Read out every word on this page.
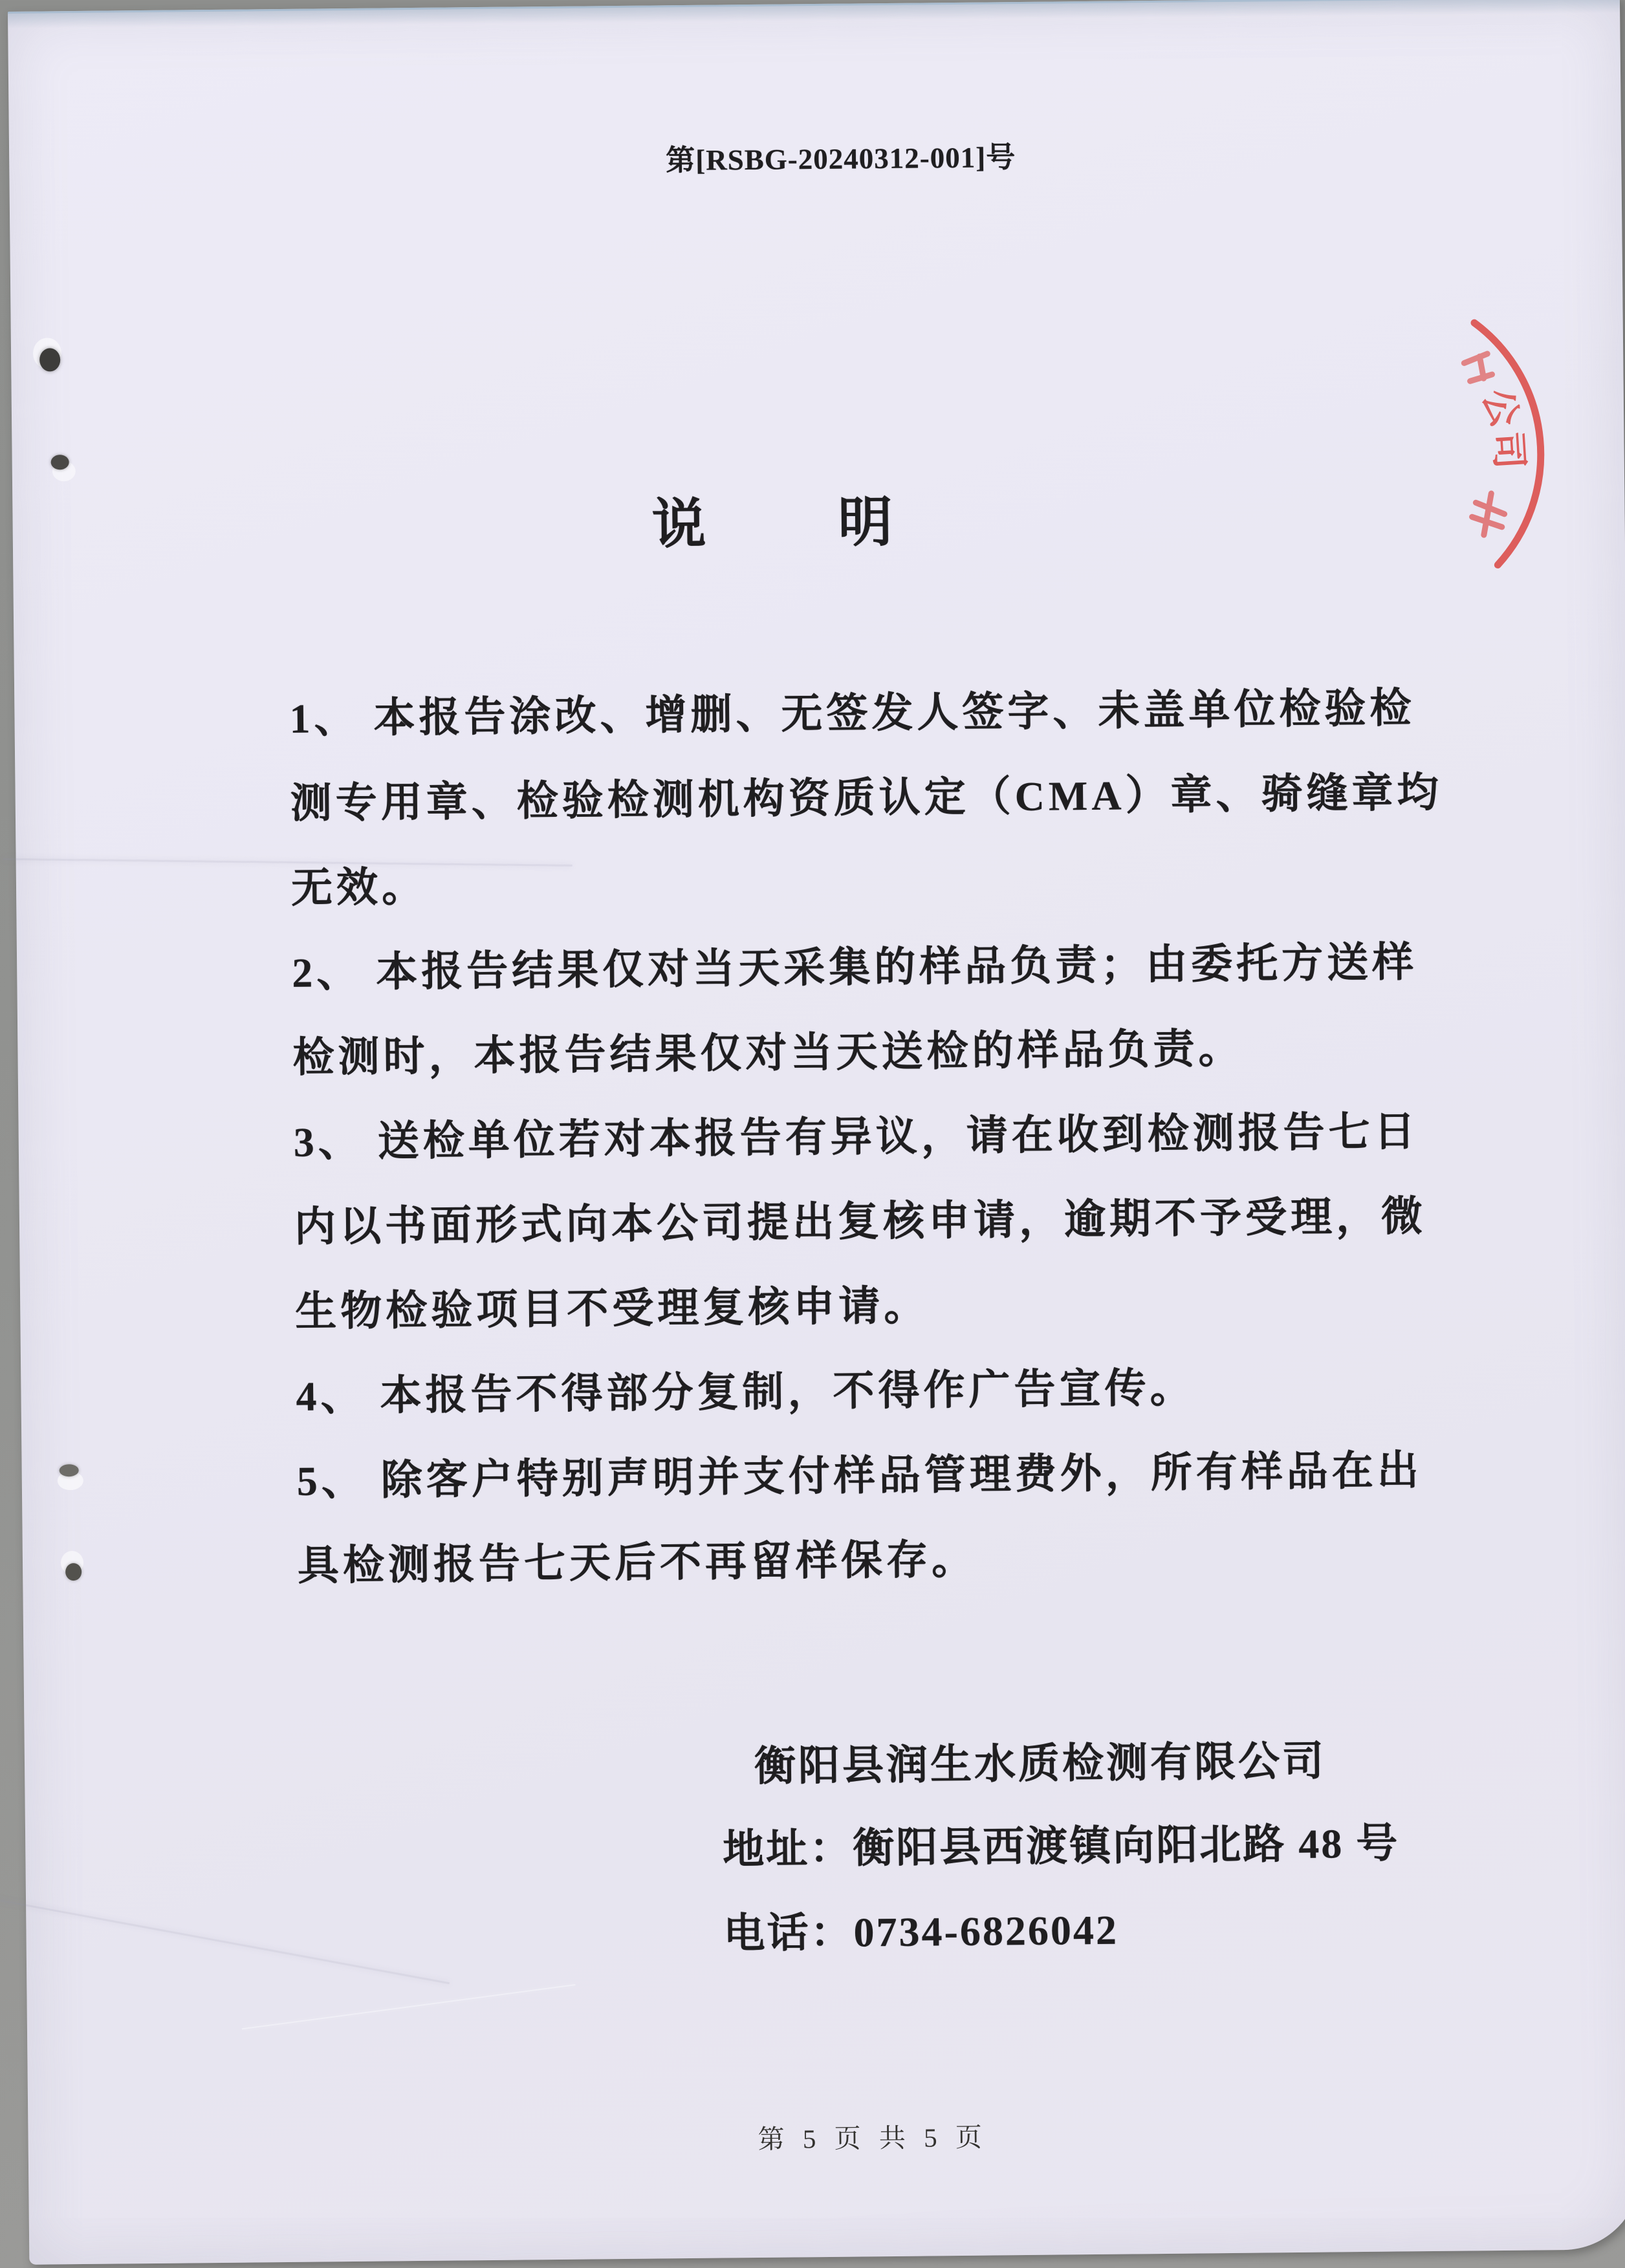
第[RSBG-20240312-001]号
说明
1、 本报告涂改、增删、无签发人签字、未盖单位检验检
测专用章、检验检测机构资质认定（CMA）章、骑缝章均
无效。
2、 本报告结果仅对当天采集的样品负责；由委托方送样
检测时，本报告结果仅对当天送检的样品负责。
3、 送检单位若对本报告有异议，请在收到检测报告七日
内以书面形式向本公司提出复核申请，逾期不予受理，微
生物检验项目不受理复核申请。
4、 本报告不得部分复制，不得作广告宣传。
5、 除客户特别声明并支付样品管理费外，所有样品在出
具检测报告七天后不再留样保存。
衡阳县润生水质检测有限公司
地址：衡阳县西渡镇向阳北路 48 号
电话：0734-6826042
第 5 页 共 5 页
公
司
